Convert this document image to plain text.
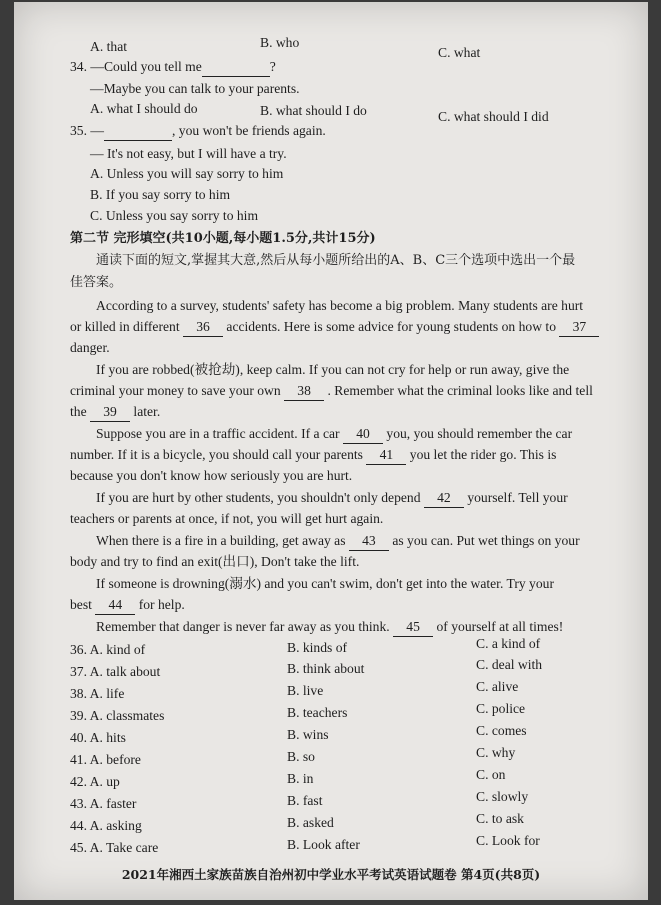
A. that	B. who
C. what
34. —Could you tell me	?
—Maybe you can talk to your parents.
A. what I should do	B. what should I do	C. what should I did
35. —	, you won't be friends again.
— It's not easy, but I will have a try.
A. Unless you will say sorry to him
B. If you say sorry to him
C. Unless you say sorry to him
第二节 完形填空(共10小题,每小题1.5分,共计15分)
通读下面的短文,掌握其大意,然后从每小题所给出的A、B、C三个选项中选出一个最
佳答案。
According to a survey, students' safety has become a big problem. Many students are hurt
or killed in different 36 accidents. Here is some advice for young students on how to 37
danger.
If you are robbed(被抢劫), keep calm. If you can not cry for help or run away, give the
criminal your money to save your own 38 . Remember what the criminal looks like and tell
the 39 later.
Suppose you are in a traffic accident. If a car 40 you, you should remember the car
number. If it is a bicycle, you should call your parents 41 you let the rider go. This is
because you don't know how seriously you are hurt.
If you are hurt by other students, you shouldn't only depend 42 yourself. Tell your
teachers or parents at once, if not, you will get hurt again.
When there is a fire in a building, get away as 43 as you can. Put wet things on your
body and try to find an exit(出口), Don't take the lift.
If someone is drowning(溺水) and you can't swim, don't get into the water. Try your
best 44 for help.
Remember that danger is never far away as you think. 45 of yourself at all times!
36. A. kind of	B. kinds of	C. a kind of
37. A. talk about	B. think about	C. deal with
38. A. life	B. live	C. alive
39. A. classmates	B. teachers	C. police
40. A. hits	B. wins	C. comes
41. A. before	B. so	C. why
42. A. up	B. in	C. on
43. A. faster	B. fast	C. slowly
44. A. asking	B. asked	C. to ask
45. A. Take care	B. Look after	C. Look for
2021年湘西土家族苗族自治州初中学业水平考试英语试题卷 第4页(共8页)
